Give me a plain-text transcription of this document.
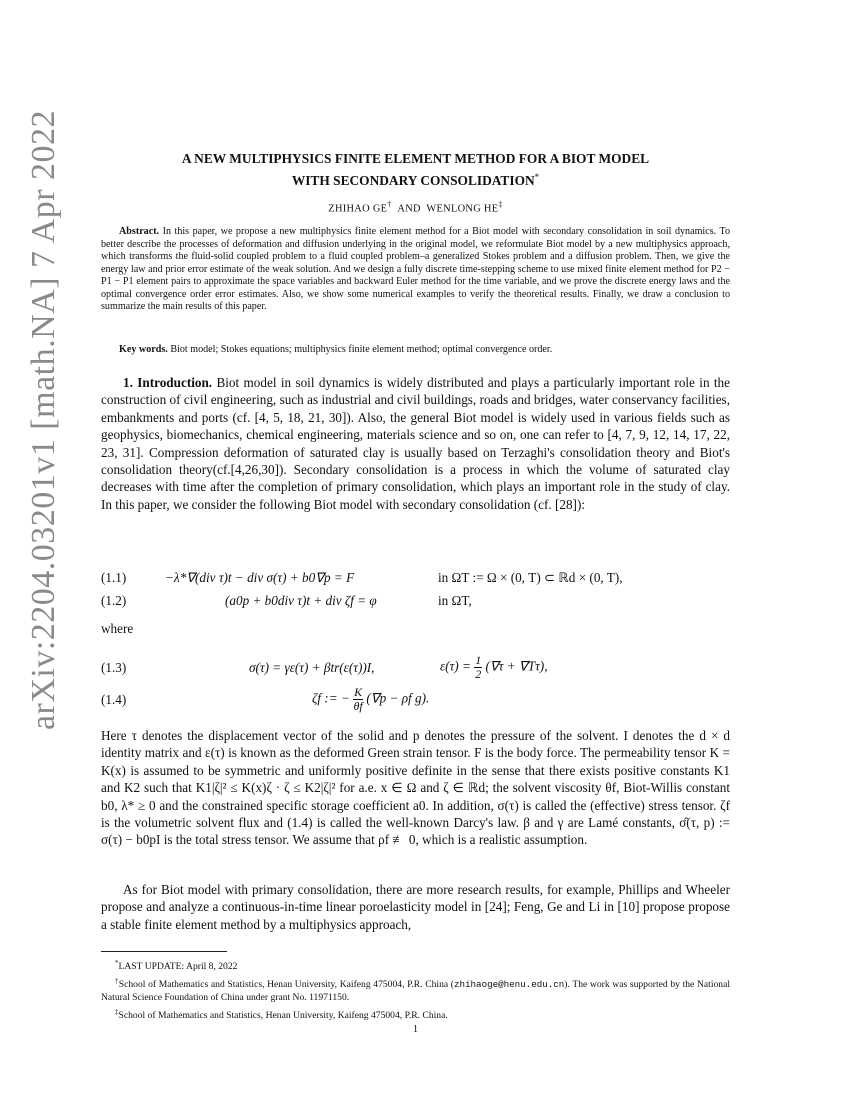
arXiv:2204.03201v1 [math.NA] 7 Apr 2022	A NEW MULTIPHYSICS FINITE ELEMENT METHOD FOR A BIOT MODEL
WITH SECONDARY CONSOLIDATION*
ZHIHAO GE† AND WENLONG HE‡
Abstract. In this paper, we propose a new multiphysics finite element method for a Biot model with secondary consolidation in soil dynamics. To better describe the processes of deformation and diffusion underlying in the original model, we reformulate Biot model by a new multiphysics approach, which transforms the fluid-solid coupled problem to a fluid coupled problem–a generalized Stokes problem and a diffusion problem. Then, we give the energy law and prior error estimate of the weak solution. And we design a fully discrete time-stepping scheme to use mixed finite element method for P2 − P1 − P1 element pairs to approximate the space variables and backward Euler method for the time variable, and we prove the discrete energy laws and the optimal convergence order error estimates. Also, we show some numerical examples to verify the theoretical results. Finally, we draw a conclusion to summarize the main results of this paper.
Key words. Biot model; Stokes equations; multiphysics finite element method; optimal convergence order.
1. Introduction. Biot model in soil dynamics is widely distributed and plays a particularly important role in the construction of civil engineering, such as industrial and civil buildings, roads and bridges, water conservancy facilities, embankments and ports (cf. [4, 5, 18, 21, 30]). Also, the general Biot model is widely used in various fields such as geophysics, biomechanics, chemical engineering, materials science and so on, one can refer to [4, 7, 9, 12, 14, 17, 22, 23, 31]. Compression deformation of saturated clay is usually based on Terzaghi's consolidation theory and Biot's consolidation theory(cf.[4,26,30]). Secondary consolidation is a process in which the volume of saturated clay decreases with time after the completion of primary consolidation, which plays an important role in the study of clay. In this paper, we consider the following Biot model with secondary consolidation (cf. [28]):
(1.1)	−λ*∇(div τ)t − div σ(τ) + b0∇p = F	in ΩT := Ω × (0, T) ⊂ ℝd × (0, T),
(1.2)	(a0p + b0div τ)t + div ζf = φ	in ΩT,
where
(1.3)	σ(τ) = γε(τ) + βtr(ε(τ))I,	$\varepsilon(\tau) = \frac{1}{2} (\nabla\tau + \nabla T\tau)$,
(1.4)	ζf := − $\frac{K}{\theta f} (\nabla p - \rho f$ g).
Here τ denotes the displacement vector of the solid and p denotes the pressure of the solvent. I denotes the d × d identity matrix and ε(τ) is known as the deformed Green strain tensor. F is the body force. The permeability tensor K = K(x) is assumed to be symmetric and uniformly positive definite in the sense that there exists positive constants K1 and K2 such that K1|ζ|² ≤ K(x)ζ · ζ ≤ K2|ζ|² for a.e. x ∈ Ω and ζ ∈ ℝd; the solvent viscosity θf, Biot-Willis constant b0, λ* ≥ 0 and the constrained specific storage coefficient a0. In addition, σ(τ) is called the (effective) stress tensor. ζf is the volumetric solvent flux and (1.4) is called the well-known Darcy's law. β and γ are Lamé constants, σ̂(τ, p) := σ(τ) − b0pI is the total stress tensor. We assume that ρf ≢ 0, which is a realistic assumption.
As for Biot model with primary consolidation, there are more research results, for example, Phillips and Wheeler propose and analyze a continuous-in-time linear poroelasticity model in [24]; Feng, Ge and Li in [10] propose propose a stable finite element method by a multiphysics approach,

*LAST UPDATE: April 8, 2022

†School of Mathematics and Statistics, Henan University, Kaifeng 475004, P.R. China (zhihaoge@henu.edu.cn). The work was supported by the National Natural Science Foundation of China under grant No. 11971150.

‡School of Mathematics and Statistics, Henan University, Kaifeng 475004, P.R. China.

1
